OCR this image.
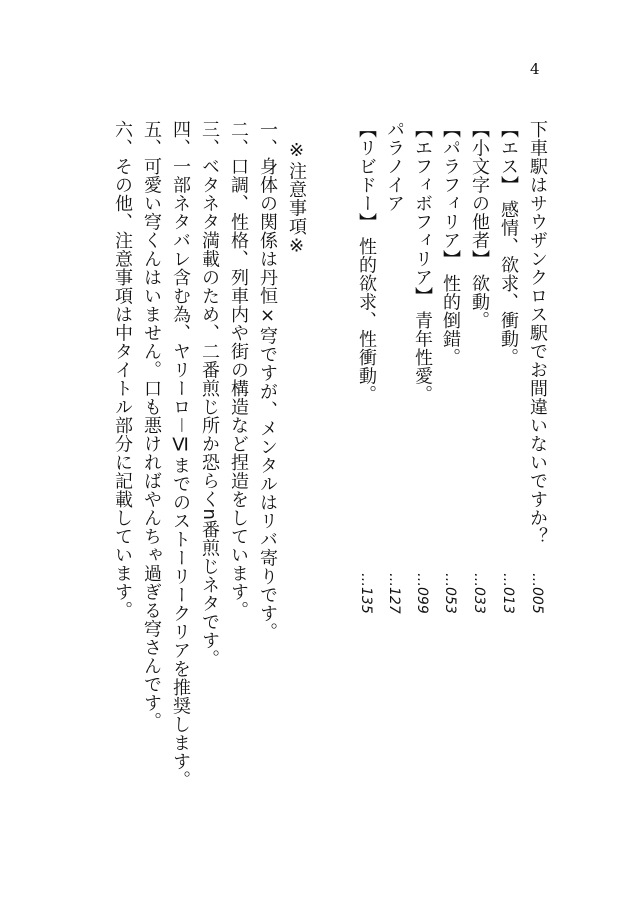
4
下車駅はサウザンクロス駅でお間違いないですか？
…005
【エス】 感情、欲求、衝動。
…013
【小文字の他者】 欲動。
…033
【パラフィリア】 性的倒錯。
…053
【エフィボフィリア】 青年性愛。
…099
パラノイア
…127
【リビドー】 性的欲求、性衝動。
…135
※注意事項※
一、身体の関係は丹恒×穹ですが、メンタルはリバ寄りです。
二、口調、性格、列車内や街の構造など捏造をしています。
三、ベタネタ満載のため、二番煎じ所か恐らくn番煎じネタです。
四、一部ネタバレ含む為、ヤリーロ－Ⅵまでのストーリークリアを推奨します。
五、可愛い穹くんはいません。口も悪ければやんちゃ過ぎる穹さんです。
六、その他、注意事項は中タイトル部分に記載しています。
